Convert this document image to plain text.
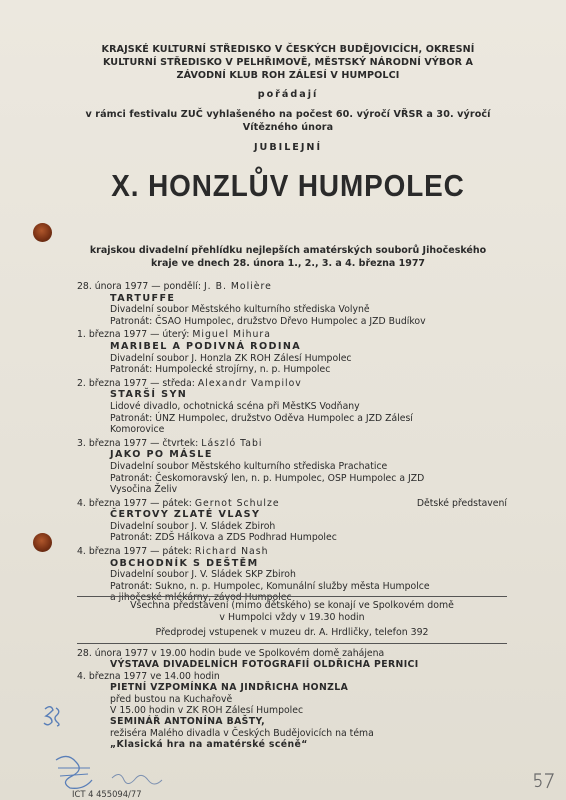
KRAJSKÉ KULTURNÍ STŘEDISKO V ČESKÝCH BUDĚJOVICÍCH, OKRESNÍ
KULTURNÍ STŘEDISKO V PELHŘIMOVĚ, MĚSTSKÝ NÁRODNÍ VÝBOR A
ZÁVODNÍ KLUB ROH ZÁLESÍ V HUMPOLCI
pořádají
v rámci festivalu ZUČ vyhlašeného na počest 60. výročí VŘSR a 30. výročí
Vítězného února
JUBILEJNÍ
X. HONZLŮV HUMPOLEC
krajskou divadelní přehlídku nejlepších amatérských souborů Jihočeského
kraje ve dnech 28. února 1., 2., 3. a 4. března 1977
28. února 1977 — pondělí: J. B. Molière
TARTUFFE
Divadelní soubor Městského kulturního střediska Volyně
Patronát: ČSAO Humpolec, družstvo Dřevo Humpolec a JZD Budíkov
1. března 1977 — úterý: Miguel Mihura
MARIBEL A PODIVNÁ RODINA
Divadelní soubor J. Honzla ZK ROH Zálesí Humpolec
Patronát: Humpolecké strojírny, n. p. Humpolec
2. března 1977 — středa: Alexandr Vampilov
STARŠÍ SYN
Lidové divadlo, ochotnická scéna při MěstKS Vodňany
Patronát: ÚNZ Humpolec, družstvo Oděva Humpolec a JZD Zálesí
Komorovice
3. března 1977 — čtvrtek: László Tabi
JAKO PO MÁSLE
Divadelní soubor Městského kulturního střediska Prachatice
Patronát: Českomoravský len, n. p. Humpolec, OSP Humpolec a JZD
Vysočina Želiv
4. března 1977 — pátek: Gernot Schulze	Dětské představení
ČERTOVY ZLATÉ VLASY
Divadelní soubor J. V. Sládek Zbiroh
Patronát: ZDŠ Hálkova a ZDS Podhrad Humpolec
4. března 1977 — pátek: Richard Nash
OBCHODNÍK S DEŠTĚM
Divadelní soubor J. V. Sládek SKP Zbiroh
Patronát: Sukno, n. p. Humpolec, Komunální služby města Humpolce
a jihočeské mlékárny, závod Humpolec
Všechna představení (mimo dětského) se konají ve Spolkovém domě
v Humpolci vždy v 19.30 hodin
Předprodej vstupenek v muzeu dr. A. Hrdličky, telefon 392
28. února 1977 v 19.00 hodin bude ve Spolkovém domě zahájena
VÝSTAVA DIVADELNÍCH FOTOGRAFIÍ OLDŘICHA PERNICI
4. března 1977 ve 14.00 hodin
PIETNÍ VZPOMÍNKA NA JINDŘICHA HONZLA
před bustou na Kuchařově
V 15.00 hodin v ZK ROH Zálesí Humpolec
SEMINÁŘ ANTONÍNA BAŠTY,
režiséra Malého divadla v Českých Budějovicích na téma
„Klasická hra na amatérské scéně“
ICT 4 455094/77
